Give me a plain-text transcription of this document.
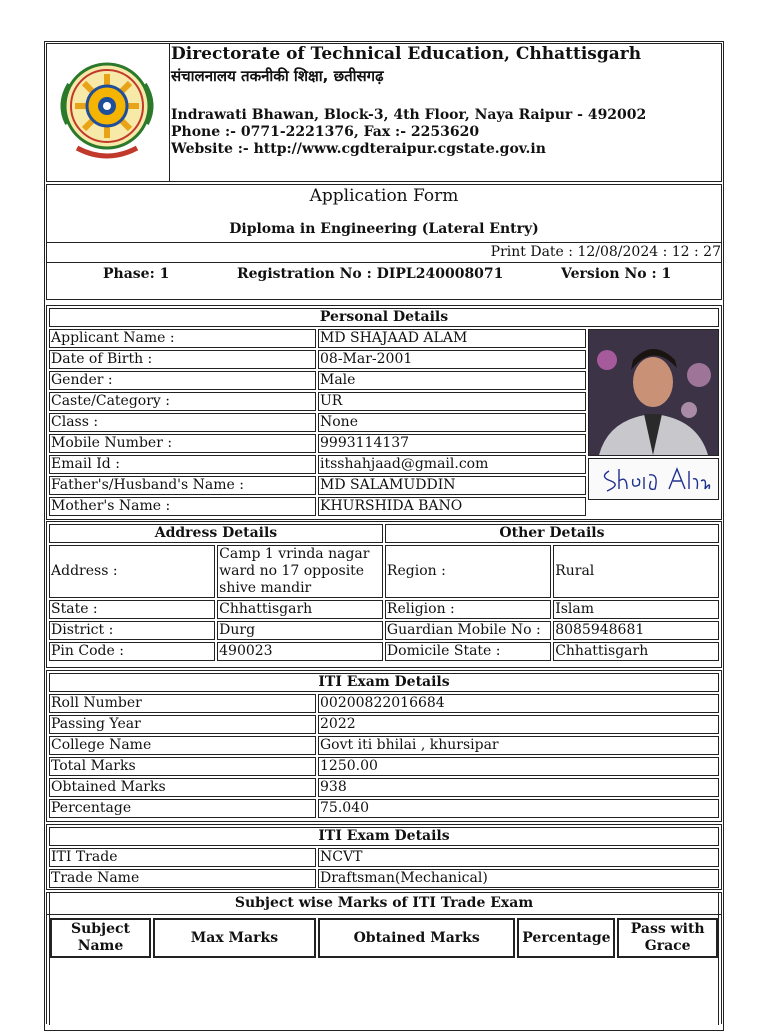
Directorate of Technical Education, Chhattisgarh
संचालनालय तकनीकी शिक्षा, छतीसगढ़
Indrawati Bhawan, Block-3, 4th Floor, Naya Raipur - 492002
Phone :- 0771-2221376, Fax :- 2253620
Website :- http://www.cgdteraipur.cgstate.gov.in
Application Form
Diploma in Engineering (Lateral Entry)
Print Date : 12/08/2024 : 12 : 27
Phase: 1	Registration No : DIPL240008071	Version No : 1
Personal Details		
Applicant Name :	MD SHAJAAD ALAM	

Date of Birth :	08-Mar-2001	
Gender :	Male	
Caste/Category :	UR	
Class :	None	
Mobile Number :	9993114137	
Email Id :	itsshahjaad@gmail.com	
Father's/Husband's Name :	MD SALAMUDDIN	
Mother's Name :	KHURSHIDA BANO	
Address Details		Other Details	
Address :	Camp 1 vrinda nagar ward no 17 opposite shive mandir	Region :	Rural
State :	Chhattisgarh	Religion :	Islam
District :	Durg	Guardian Mobile No :	8085948681
Pin Code :	490023	Domicile State :	Chhattisgarh
ITI Exam Details	
Roll Number	00200822016684
Passing Year	2022
College Name	Govt iti bhilai , khursipar
Total Marks	1250.00
Obtained Marks	938
Percentage	75.040
ITI Exam Details	
ITI Trade	NCVT
Trade Name	Draftsman(Mechanical)
Subject wise Marks of ITI Trade Exam
Subject Name	Max Marks	Obtained Marks	Percentage	Pass with Grace
